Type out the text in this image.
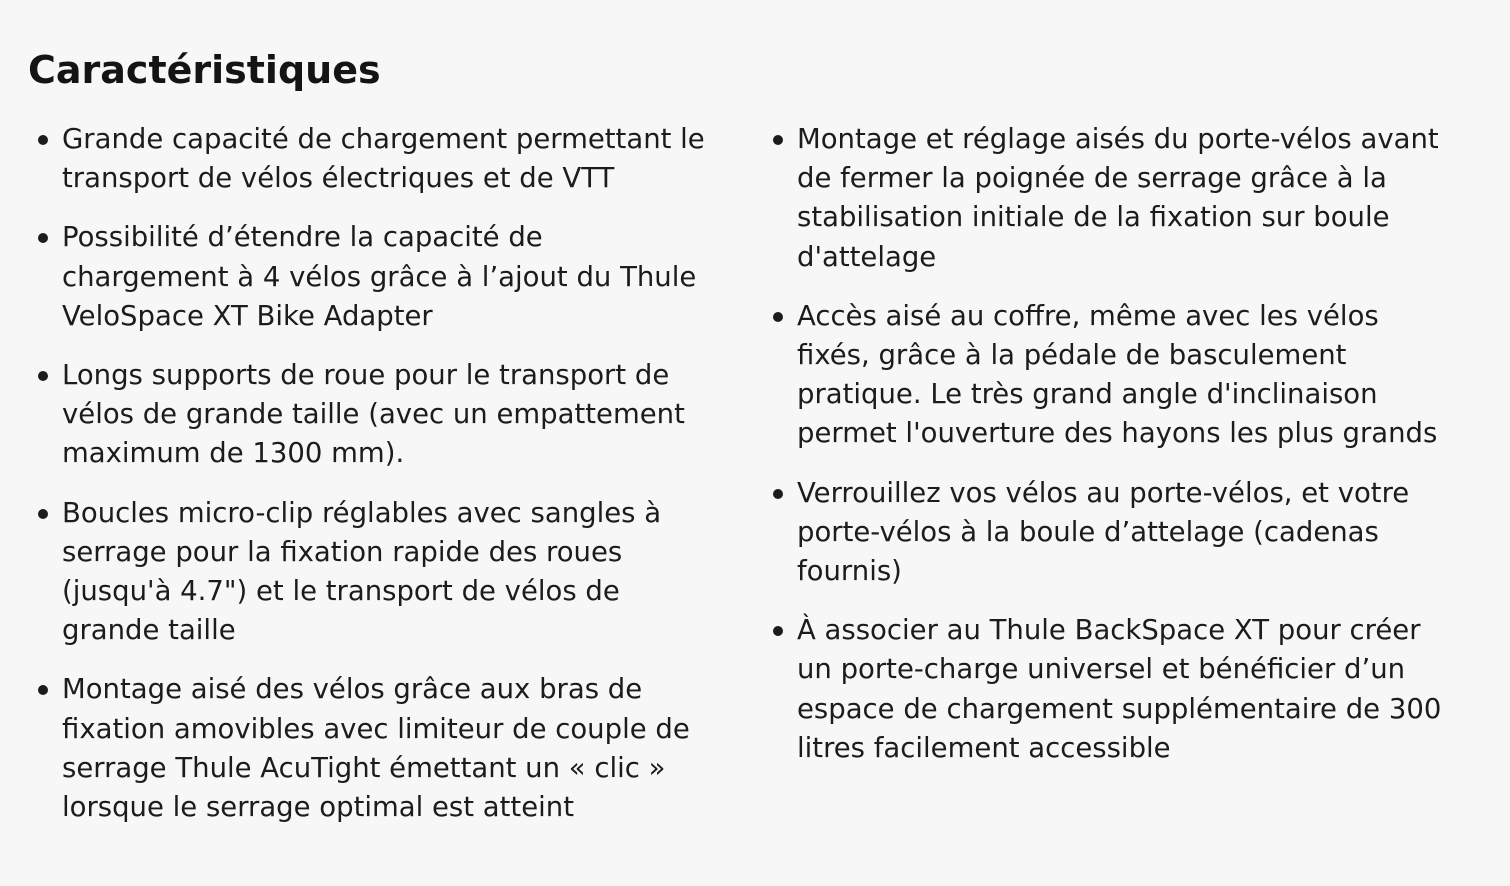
Caractéristiques
Grande capacité de chargement permettant le transport de vélos électriques et de VTT
Possibilité d’étendre la capacité de chargement à 4 vélos grâce à l’ajout du Thule VeloSpace XT Bike Adapter
Longs supports de roue pour le transport de vélos de grande taille (avec un empattement maximum de 1300 mm).
Boucles micro-clip réglables avec sangles à serrage pour la fixation rapide des roues (jusqu'à 4.7") et le transport de vélos de grande taille
Montage aisé des vélos grâce aux bras de fixation amovibles avec limiteur de couple de serrage Thule AcuTight émettant un « clic » lorsque le serrage optimal est atteint
Montage et réglage aisés du porte-vélos avant de fermer la poignée de serrage grâce à la stabilisation initiale de la fixation sur boule d'attelage
Accès aisé au coffre, même avec les vélos fixés, grâce à la pédale de basculement pratique. Le très grand angle d'inclinaison permet l'ouverture des hayons les plus grands
Verrouillez vos vélos au porte-vélos, et votre porte-vélos à la boule d’attelage (cadenas fournis)
À associer au Thule BackSpace XT pour créer un porte-charge universel et bénéficier d’un espace de chargement supplémentaire de 300 litres facilement accessible
